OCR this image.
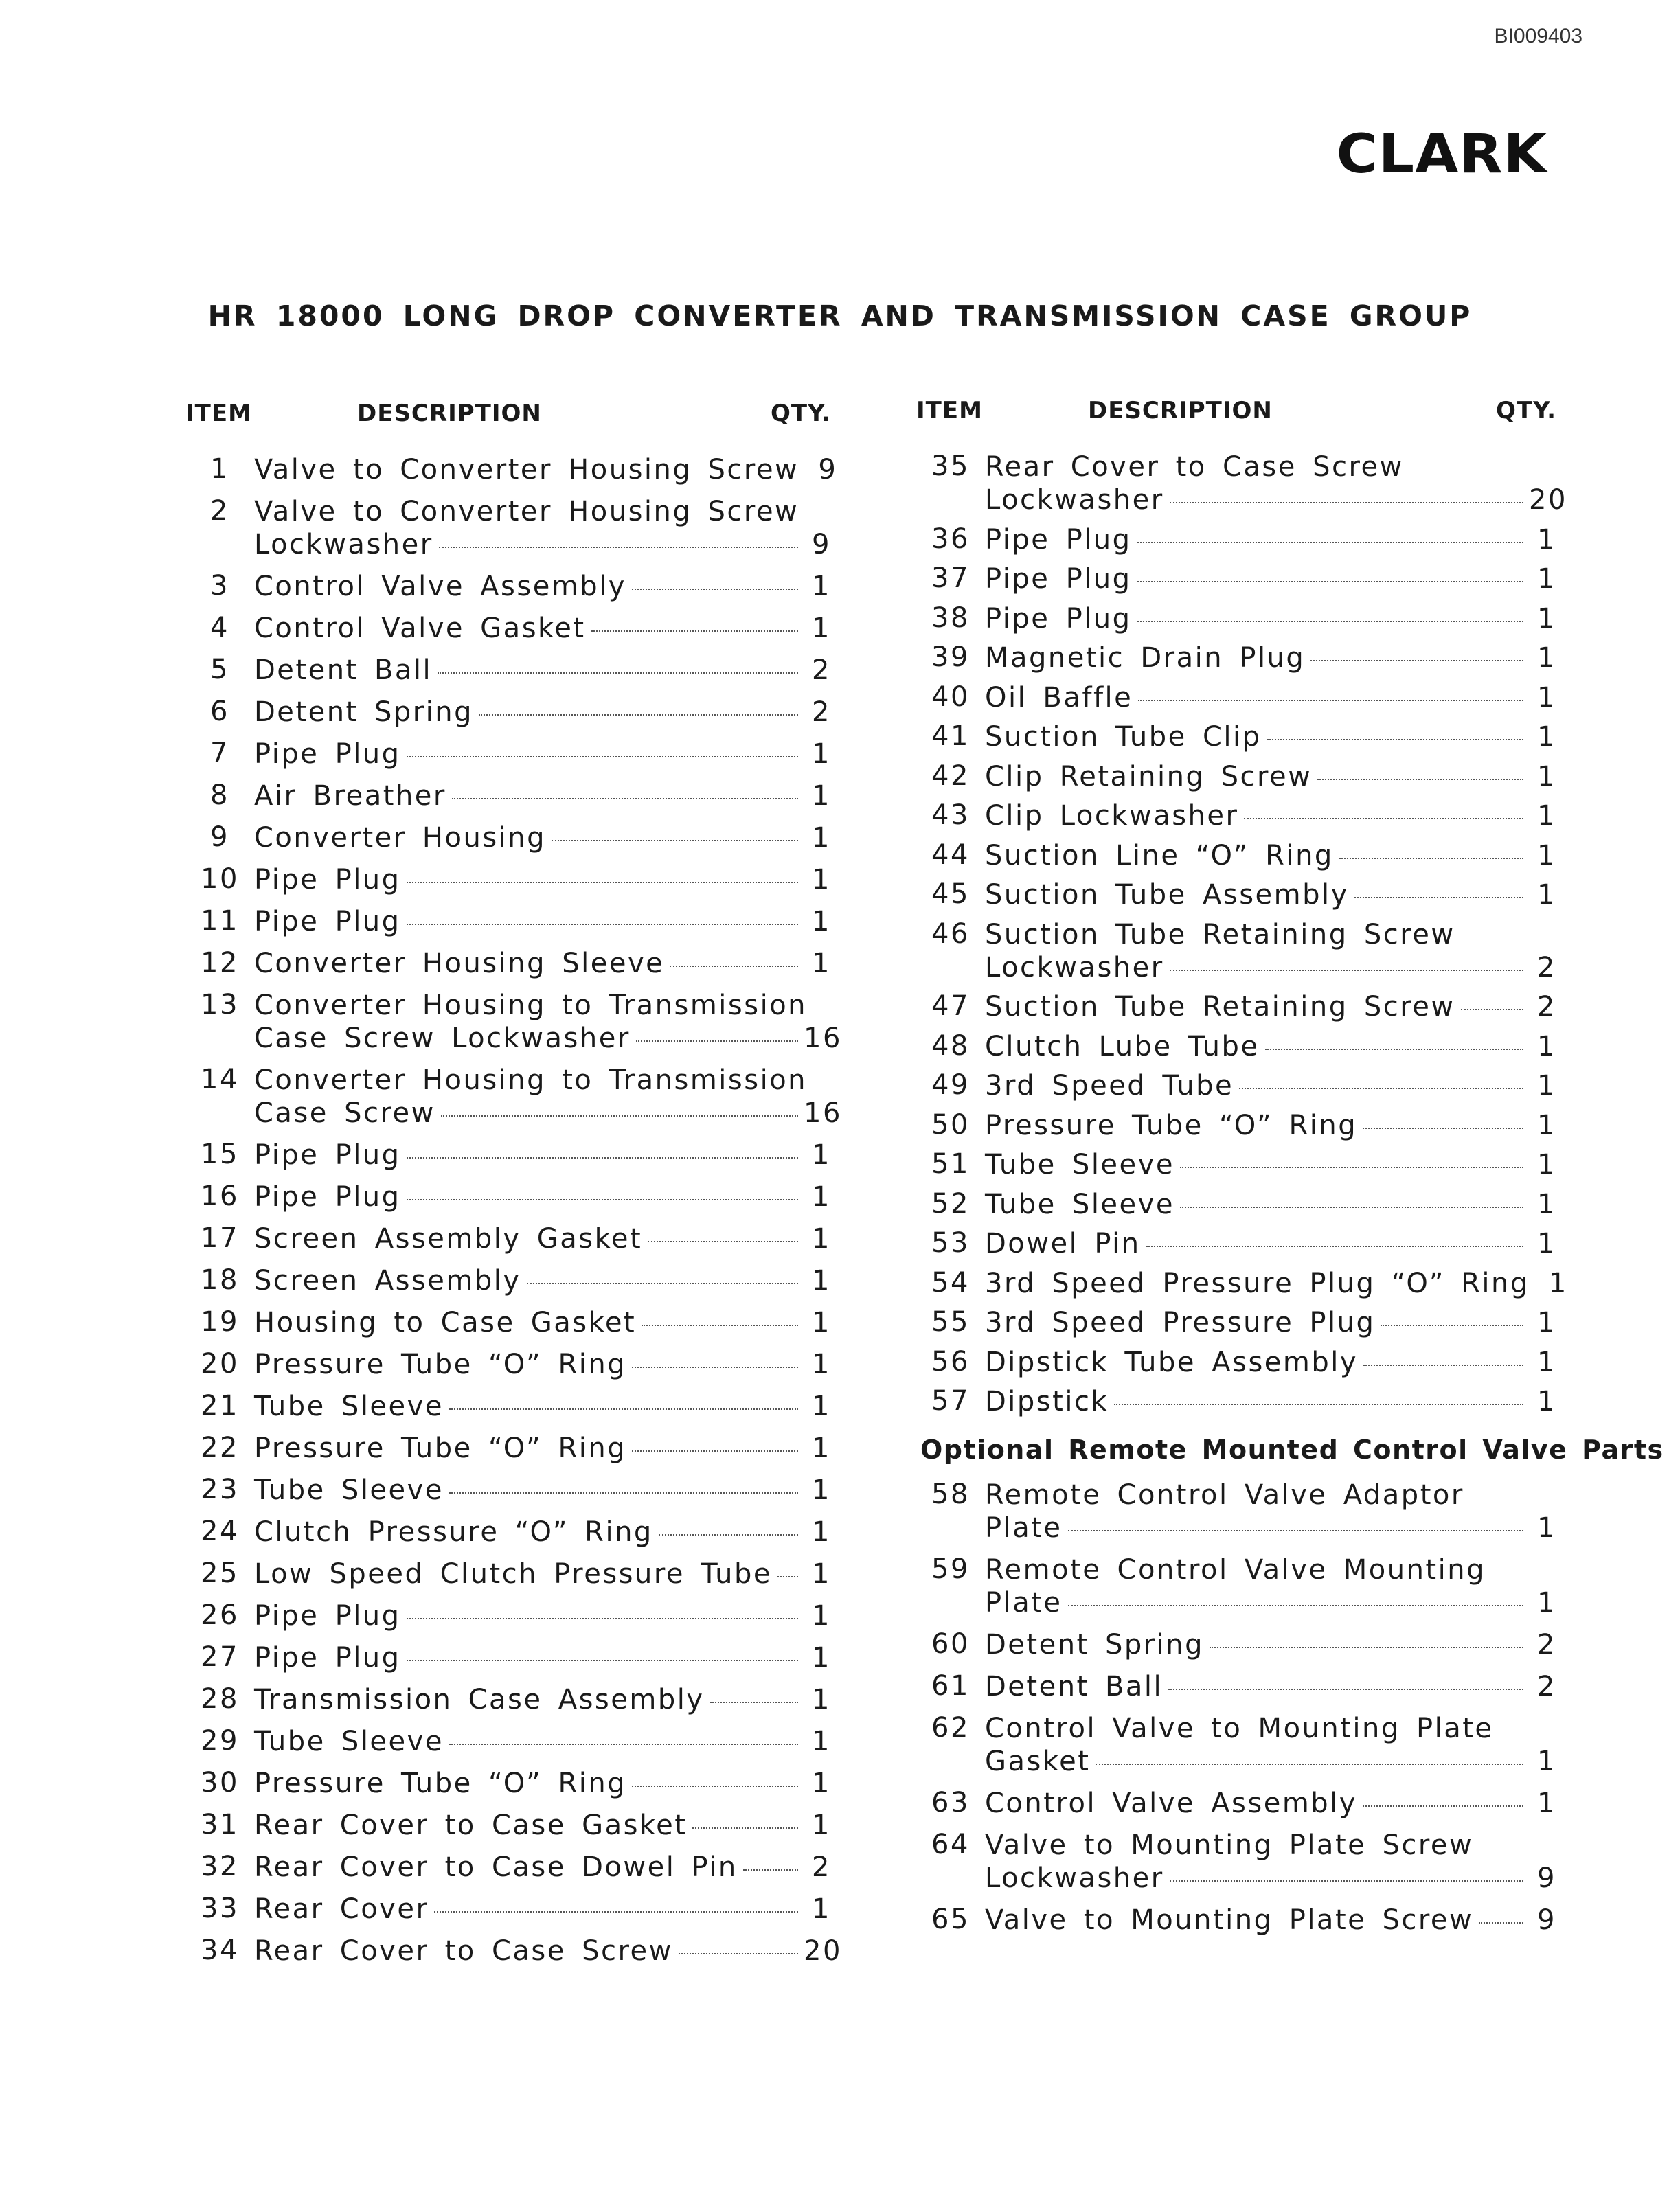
BI009403
CLARK
HR 18000 LONG DROP CONVERTER AND TRANSMISSION CASE GROUP
ITEM	DESCRIPTION	QTY.
1 Valve to Converter Housing Screw 9
2 Valve to Converter Housing Screw
Lockwasher	9
3 Control Valve Assembly	1
4 Control Valve Gasket	1
5 Detent Ball	2
6 Detent Spring	2
7 Pipe Plug	1
8 Air Breather	1
9 Converter Housing	1
10 Pipe Plug	1
11 Pipe Plug	1
12 Converter Housing Sleeve	1
13 Converter Housing to Transmission
Case Screw Lockwasher	16
14 Converter Housing to Transmission
Case Screw	16
15 Pipe Plug	1
16 Pipe Plug	1
17 Screen Assembly Gasket	1
18 Screen Assembly	1
19 Housing to Case Gasket	1
20 Pressure Tube “O” Ring	1
21 Tube Sleeve	1
22 Pressure Tube “O” Ring	1
23 Tube Sleeve	1
24 Clutch Pressure “O” Ring	1
25 Low Speed Clutch Pressure Tube	1
26 Pipe Plug	1
27 Pipe Plug	1
28 Transmission Case Assembly	1
29 Tube Sleeve	1
30 Pressure Tube “O” Ring	1
31 Rear Cover to Case Gasket	1
32 Rear Cover to Case Dowel Pin	2
33 Rear Cover	1
34 Rear Cover to Case Screw	20
ITEM	DESCRIPTION	QTY.
35 Rear Cover to Case Screw
Lockwasher	20
36 Pipe Plug	1
37 Pipe Plug	1
38 Pipe Plug	1
39 Magnetic Drain Plug	1
40 Oil Baffle	1
41 Suction Tube Clip	1
42 Clip Retaining Screw	1
43 Clip Lockwasher	1
44 Suction Line “O” Ring	1
45 Suction Tube Assembly	1
46 Suction Tube Retaining Screw
Lockwasher	2
47 Suction Tube Retaining Screw	2
48 Clutch Lube Tube	1
49 3rd Speed Tube	1
50 Pressure Tube “O” Ring	1
51 Tube Sleeve	1
52 Tube Sleeve	1
53 Dowel Pin	1
54 3rd Speed Pressure Plug “O” Ring 1
55 3rd Speed Pressure Plug	1
56 Dipstick Tube Assembly	1
57 Dipstick	1
Optional Remote Mounted Control Valve Parts
58 Remote Control Valve Adaptor
Plate	1
59 Remote Control Valve Mounting
Plate	1
60 Detent Spring	2
61 Detent Ball	2
62 Control Valve to Mounting Plate
Gasket	1
63 Control Valve Assembly	1
64 Valve to Mounting Plate Screw
Lockwasher	9
65 Valve to Mounting Plate Screw	9
